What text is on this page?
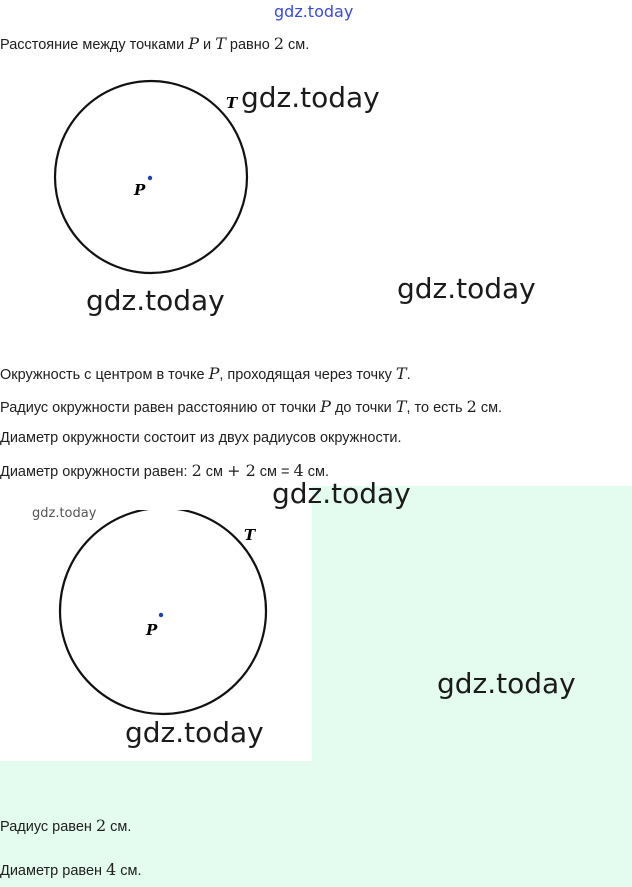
gdz.today
Расстояние между точками P и T равно 2 см.
P
T gdz.today
gdz.today	gdz.today
Окружность с центром в точке P, проходящая через точку T.
Радиус окружности равен расстоянию от точки P до точки T, то есть 2 см.
Диаметр окружности состоит из двух радиусов окружности.
Диаметр окружности равен: 2 см + 2 см = 4 см.
gdz.today
gdz.today
P
T
gdz.today
gdz.today
Радиус равен 2 см.
Диаметр равен 4 см.
